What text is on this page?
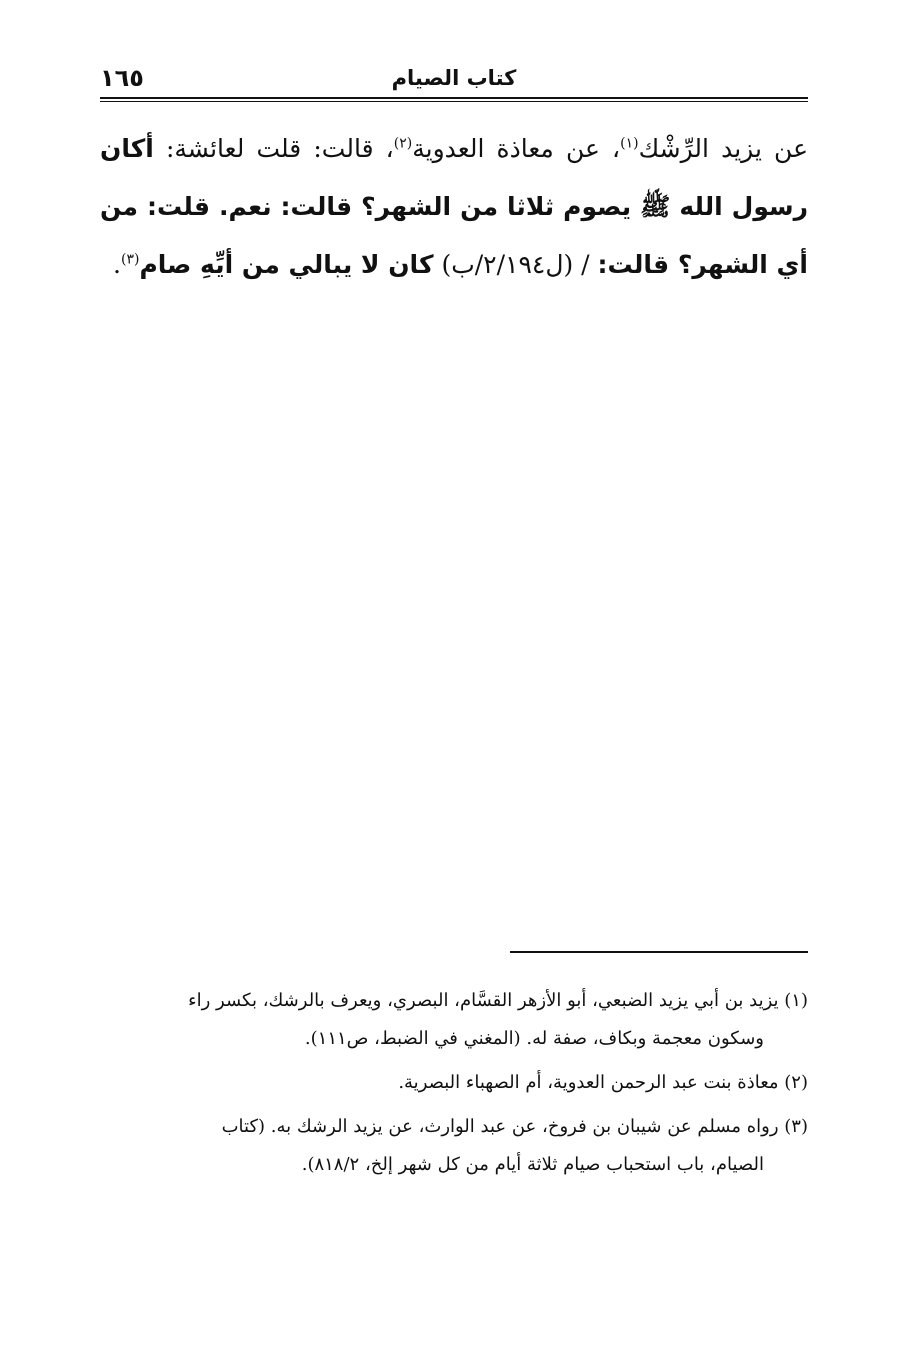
كتاب الصيام
١٦٥
عن يزيد الرِّشْك$^{(١)}$، عن معاذة العدوية$^{(٢)}$، قالت: قلت لعائشة: أكان رسول الله ﷺ يصوم ثلاثا من الشهر؟ قالت: نعم. قلت: من أي الشهر؟ قالت: / (ل٢/١٩٤/ب) كان لا يبالي من أيِّهِ صام$^{(٣)}$.
(١) يزيد بن أبي يزيد الضبعي، أبو الأزهر القسَّام، البصري، ويعرف بالرشك، بكسر راء
وسكون معجمة وبكاف، صفة له. (المغني في الضبط، ص١١١).
(٢) معاذة بنت عبد الرحمن العدوية، أم الصهباء البصرية.
(٣) رواه مسلم عن شيبان بن فروخ، عن عبد الوارث، عن يزيد الرشك به. (كتاب
الصيام، باب استحباب صيام ثلاثة أيام من كل شهر إلخ، ٨١٨/٢).
